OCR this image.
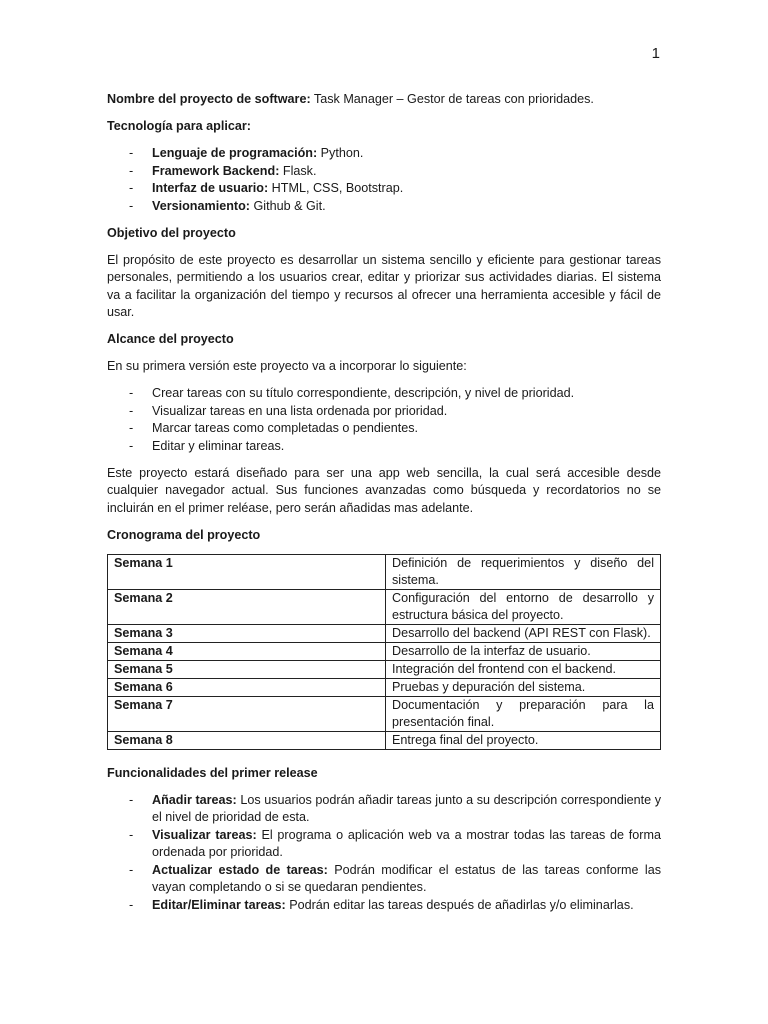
1

Nombre del proyecto de software: Task Manager – Gestor de tareas con prioridades.

Tecnología para aplicar:

- Lenguaje de programación: Python.
- Framework Backend: Flask.
- Interfaz de usuario: HTML, CSS, Bootstrap.
- Versionamiento: Github & Git.

Objetivo del proyecto

El propósito de este proyecto es desarrollar un sistema sencillo y eficiente para gestionar tareas personales, permitiendo a los usuarios crear, editar y priorizar sus actividades diarias. El sistema va a facilitar la organización del tiempo y recursos al ofrecer una herramienta accesible y fácil de usar.

Alcance del proyecto

En su primera versión este proyecto va a incorporar lo siguiente:

- Crear tareas con su título correspondiente, descripción, y nivel de prioridad.
- Visualizar tareas en una lista ordenada por prioridad.
- Marcar tareas como completadas o pendientes.
- Editar y eliminar tareas.

Este proyecto estará diseñado para ser una app web sencilla, la cual será accesible desde cualquier navegador actual. Sus funciones avanzadas como búsqueda y recordatorios no se incluirán en el primer reléase, pero serán añadidas mas adelante.

Cronograma del proyecto

Semana 1	Definición de requerimientos y diseño del sistema.
Semana 2	Configuración del entorno de desarrollo y estructura básica del proyecto.
Semana 3	Desarrollo del backend (API REST con Flask).
Semana 4	Desarrollo de la interfaz de usuario.
Semana 5	Integración del frontend con el backend.
Semana 6	Pruebas y depuración del sistema.
Semana 7	Documentación y preparación para la presentación final.
Semana 8	Entrega final del proyecto.

Funcionalidades del primer release

- Añadir tareas: Los usuarios podrán añadir tareas junto a su descripción correspondiente y el nivel de prioridad de esta.
- Visualizar tareas: El programa o aplicación web va a mostrar todas las tareas de forma ordenada por prioridad.
- Actualizar estado de tareas: Podrán modificar el estatus de las tareas conforme las vayan completando o si se quedaran pendientes.
- Editar/Eliminar tareas: Podrán editar las tareas después de añadirlas y/o eliminarlas.
